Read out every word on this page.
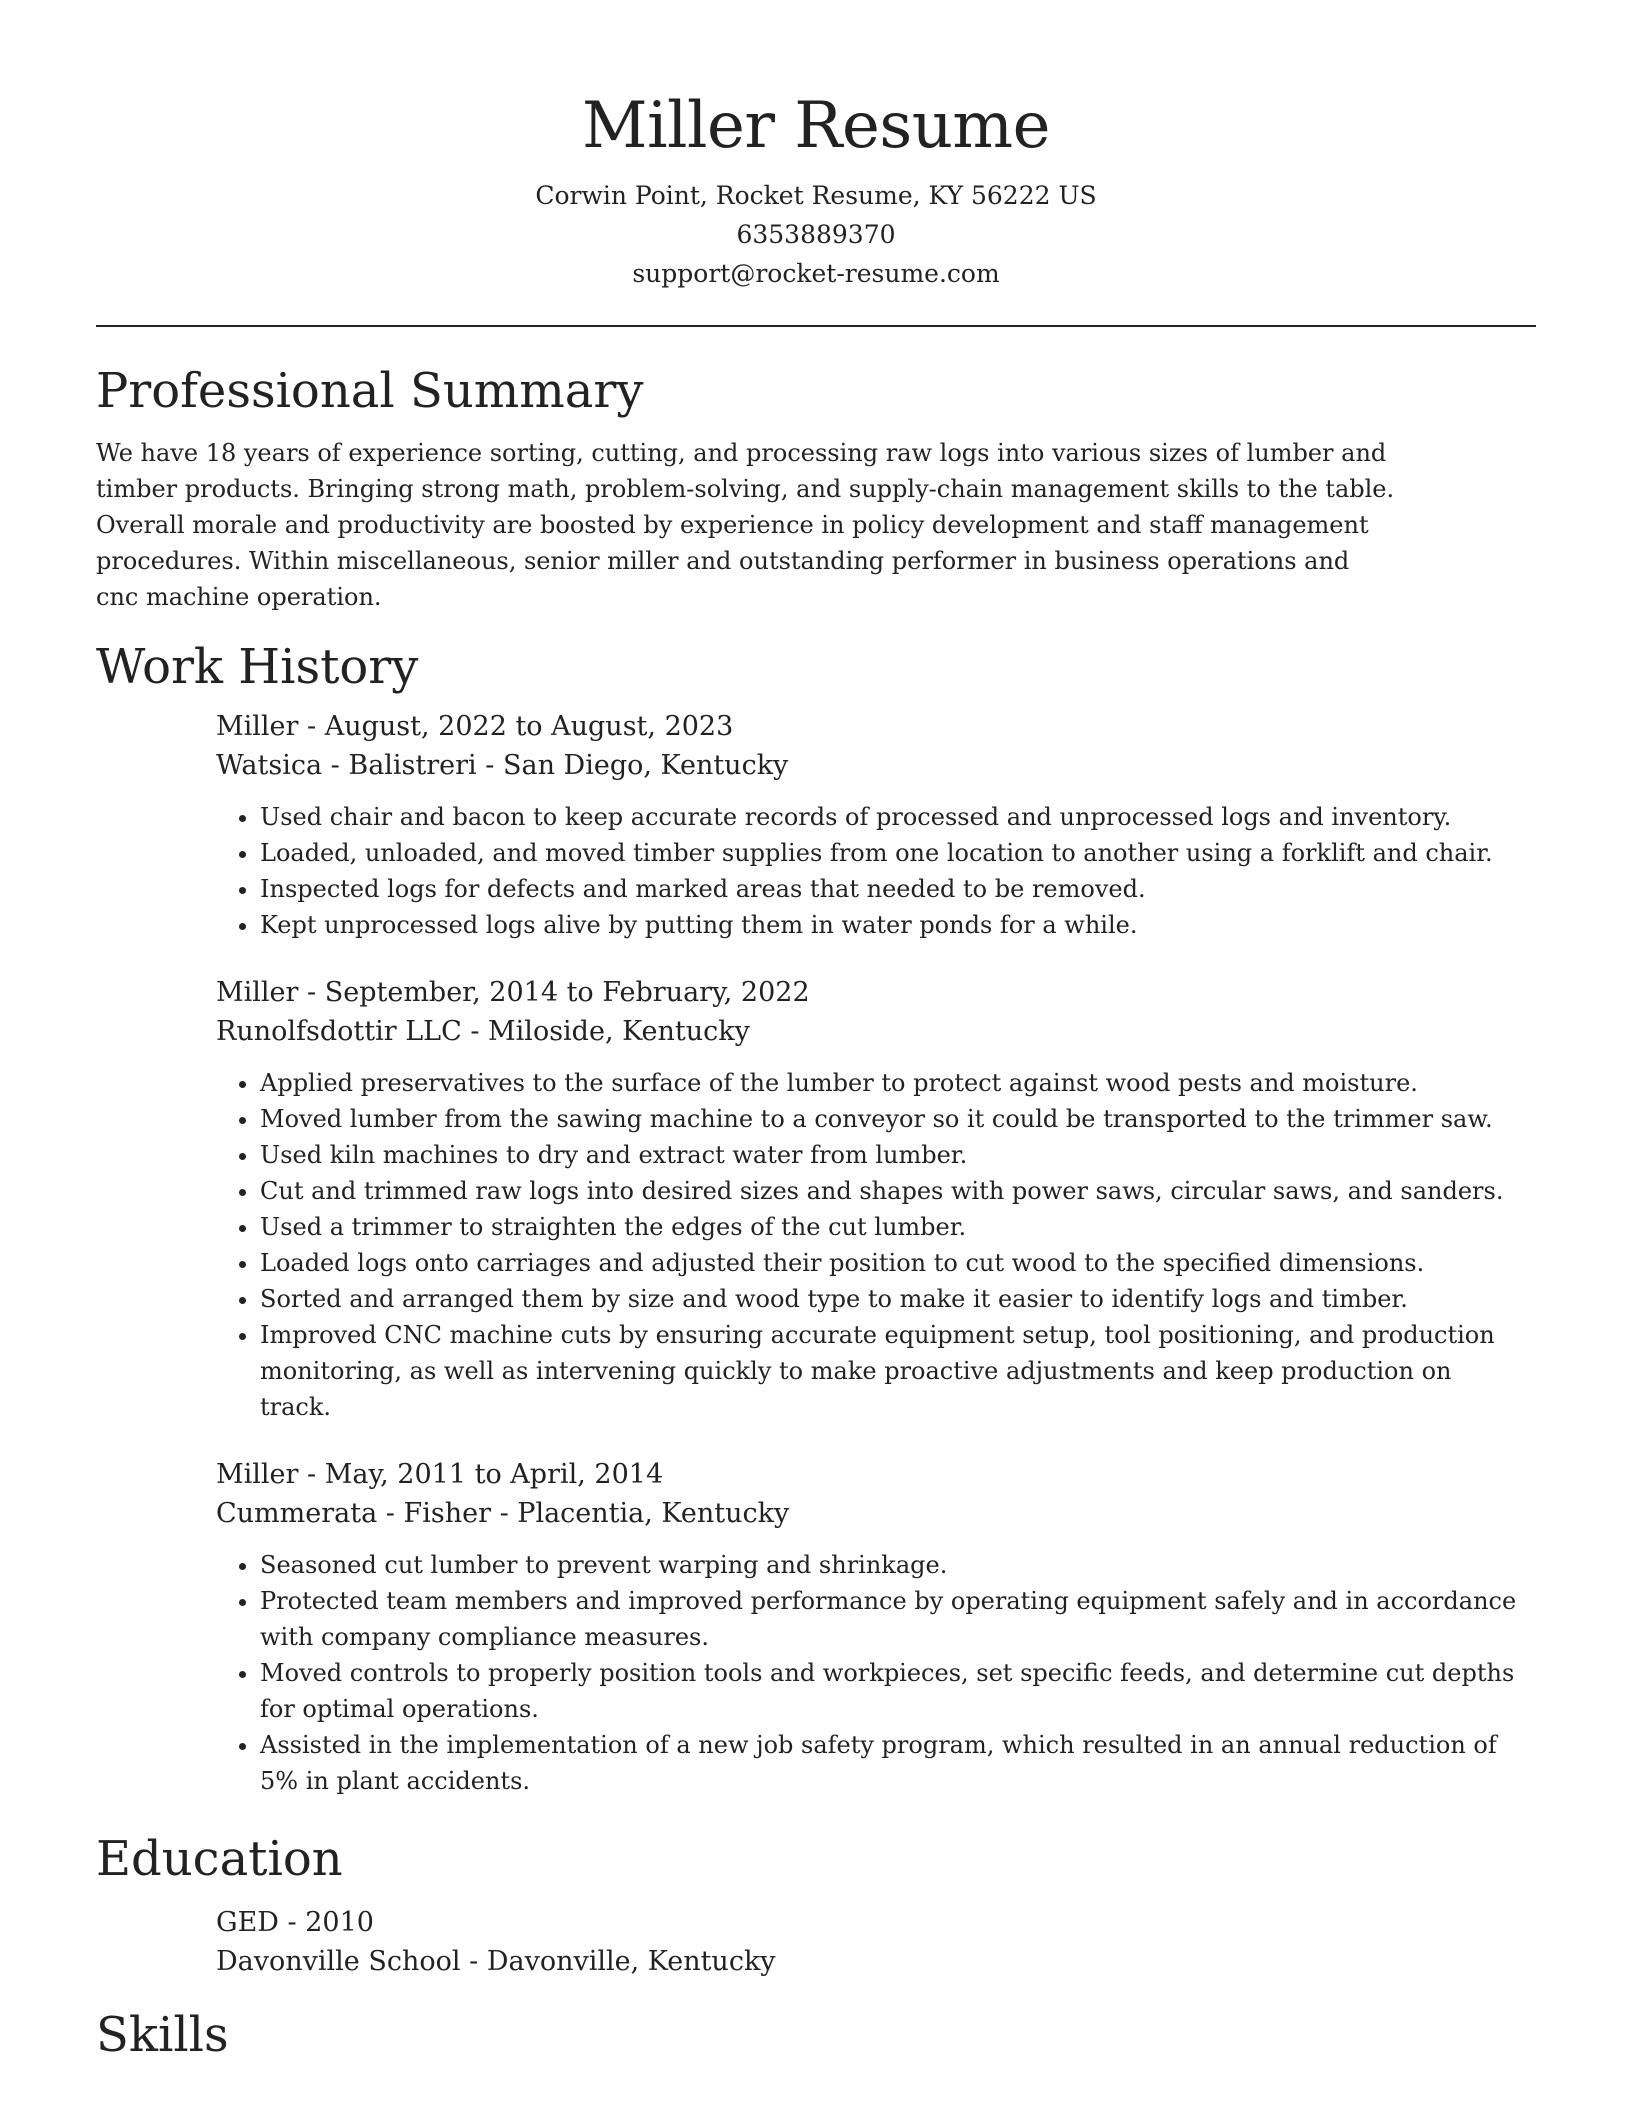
Miller Resume

Corwin Point, Rocket Resume, KY 56222 US

6353889370

support@rocket-resume.com

Professional Summary

We have 18 years of experience sorting, cutting, and processing raw logs into various sizes of lumber and timber products. Bringing strong math, problem-solving, and supply-chain management skills to the table. Overall morale and productivity are boosted by experience in policy development and staff management procedures. Within miscellaneous, senior miller and outstanding performer in business operations and cnc machine operation.

Work History

Miller - August, 2022 to August, 2023

Watsica - Balistreri - San Diego, Kentucky

• Used chair and bacon to keep accurate records of processed and unprocessed logs and inventory.
• Loaded, unloaded, and moved timber supplies from one location to another using a forklift and chair.
• Inspected logs for defects and marked areas that needed to be removed.
• Kept unprocessed logs alive by putting them in water ponds for a while.

Miller - September, 2014 to February, 2022

Runolfsdottir LLC - Miloside, Kentucky

• Applied preservatives to the surface of the lumber to protect against wood pests and moisture.
• Moved lumber from the sawing machine to a conveyor so it could be transported to the trimmer saw.
• Used kiln machines to dry and extract water from lumber.
• Cut and trimmed raw logs into desired sizes and shapes with power saws, circular saws, and sanders.
• Used a trimmer to straighten the edges of the cut lumber.
• Loaded logs onto carriages and adjusted their position to cut wood to the specified dimensions.
• Sorted and arranged them by size and wood type to make it easier to identify logs and timber.
• Improved CNC machine cuts by ensuring accurate equipment setup, tool positioning, and production monitoring, as well as intervening quickly to make proactive adjustments and keep production on track.

Miller - May, 2011 to April, 2014

Cummerata - Fisher - Placentia, Kentucky

• Seasoned cut lumber to prevent warping and shrinkage.
• Protected team members and improved performance by operating equipment safely and in accordance with company compliance measures.
• Moved controls to properly position tools and workpieces, set specific feeds, and determine cut depths for optimal operations.
• Assisted in the implementation of a new job safety program, which resulted in an annual reduction of 5% in plant accidents.
Education

GED - 2010

Davonville School - Davonville, Kentucky

Skills
